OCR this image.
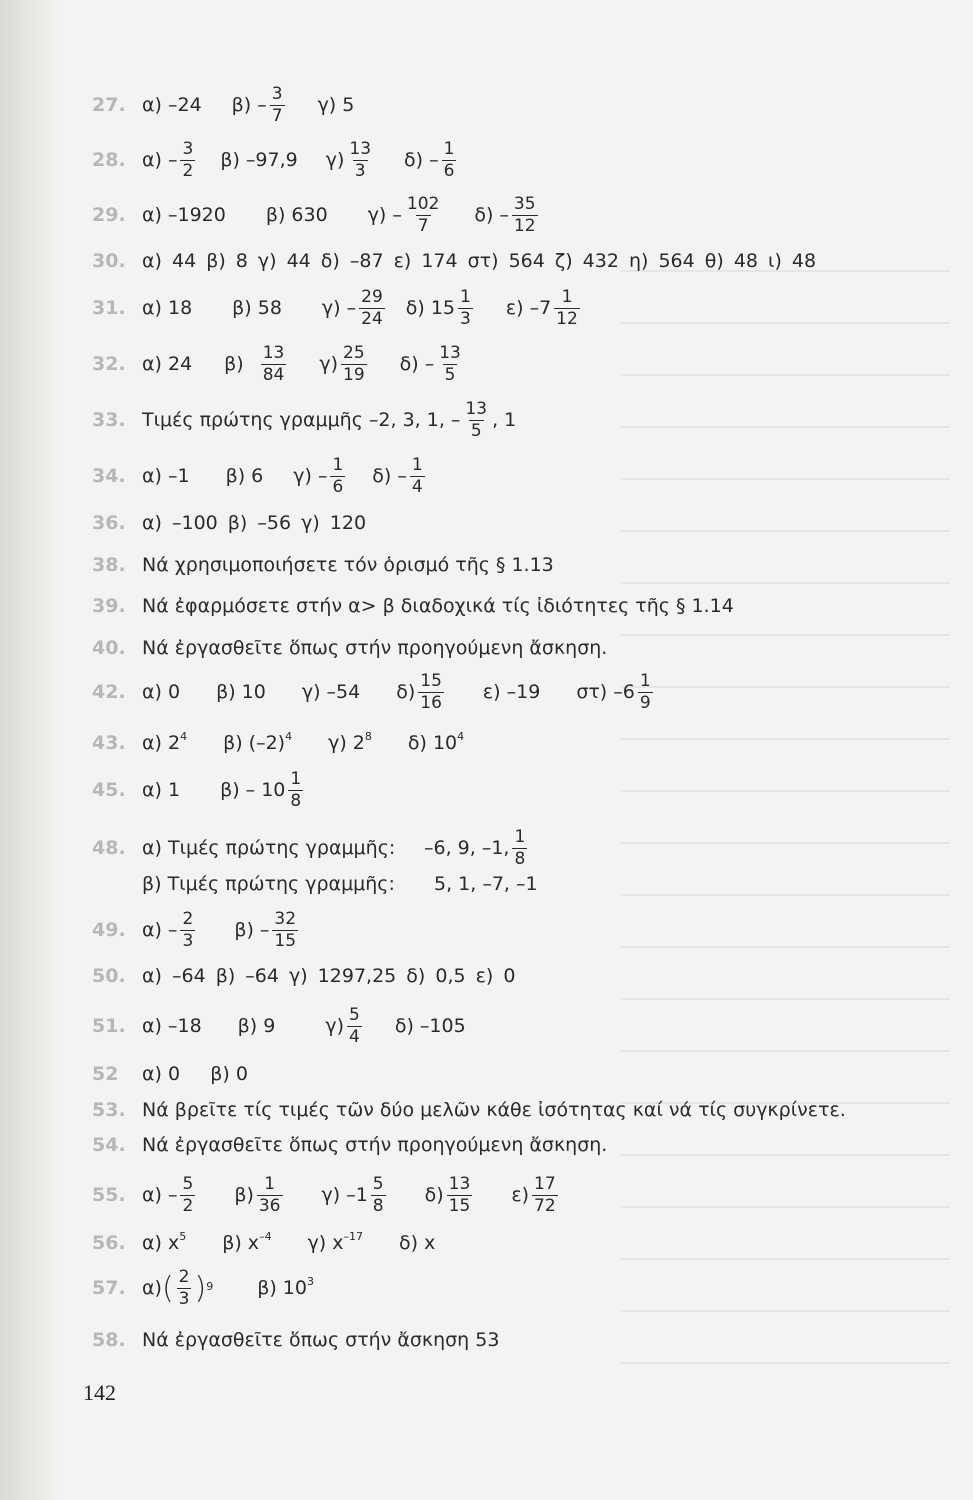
27. α) –24 $\beta) - \frac{3}{7} \gamma$) 5
28. $\alpha) - \frac{3}{2} \beta$) –97,9 $\gamma) \frac{13}{3} \delta) - \frac{1}{6}$
29. α) –1920 β) 630 $\gamma) - \frac{102}{7} \delta) - \frac{35}{12}$
30. α) 44 β) 8 γ) 44 δ) –87 ε) 174 στ) 564 ζ) 432 η) 564 θ) 48 ι) 48
31. α) 18 β) 58 $\gamma) - \frac{29}{24} \delta$) $15 \frac{1}{3} \varepsilon$) $-7 \frac{1}{12}$
32. α) 24 $\beta) \frac{13}{84} \gamma) \frac{25}{19} \delta) - \frac{13}{5}$
33. Τιμές πρώτης γραμμῆς –2, 3, 1, – $\frac{13}{5}$ , 1
34. α) –1 β) 6 $\gamma) - \frac{1}{6} \delta) - \frac{1}{4}$
36. α) –100 β) –56 γ) 120
38. Νά χρησιμοποιήσετε τόν ὁρισμό τῆς § 1.13
39. Νά ἐφαρμόσετε στήν α> β διαδοχικά τίς ἰδιότητες τῆς § 1.14
40. Νά ἐργασθεῖτε ὅπως στήν προηγούμενη ἄσκηση.
42. α) 0 β) 10 γ) –54 $\delta) \frac{15}{16} \varepsilon$) –19 στ) $-6 \frac{1}{9}$
43. α) $2^4$ β) $(-2)^4$ γ) $2^8$ δ) $10^4$
45. α) 1 $\beta) - 10 \frac{1}{8}$
48. α) Τιμές πρώτης γραμμῆς:	–6, 9, –1, $\frac{1}{8}$
β) Τιμές πρώτης γραμμῆς:	5, 1, –7, –1
49. $\alpha) - \frac{2}{3} \beta) - \frac{32}{15}$
50. α) –64 β) –64 γ) 1297,25 δ) 0,5 ε) 0
51. α) –18 β) 9	$\gamma) \frac{5}{4} \delta$) –105
52	α) 0     β) 0
53. Νά βρεῖτε τίς τιμές τῶν δύο μελῶν κάθε ἰσότητας καί νά τίς συγκρίνετε.
54. Νά ἐργασθεῖτε ὅπως στήν προηγούμενη ἄσκηση.
55. $\alpha) - \frac{5}{2} \beta) \frac{1}{36} \gamma$) $-1 \frac{5}{8} \delta) \frac{13}{15} \varepsilon) \frac{17}{72}$
56. α) $x^5$ β) $x^{-4}$ γ) $x^{-17}$ δ) x
57. α) ( $\frac{2}{3} )^9$ β) $10^3$
58. Νά ἐργασθεῖτε ὅπως στήν ἄσκηση 53
142
